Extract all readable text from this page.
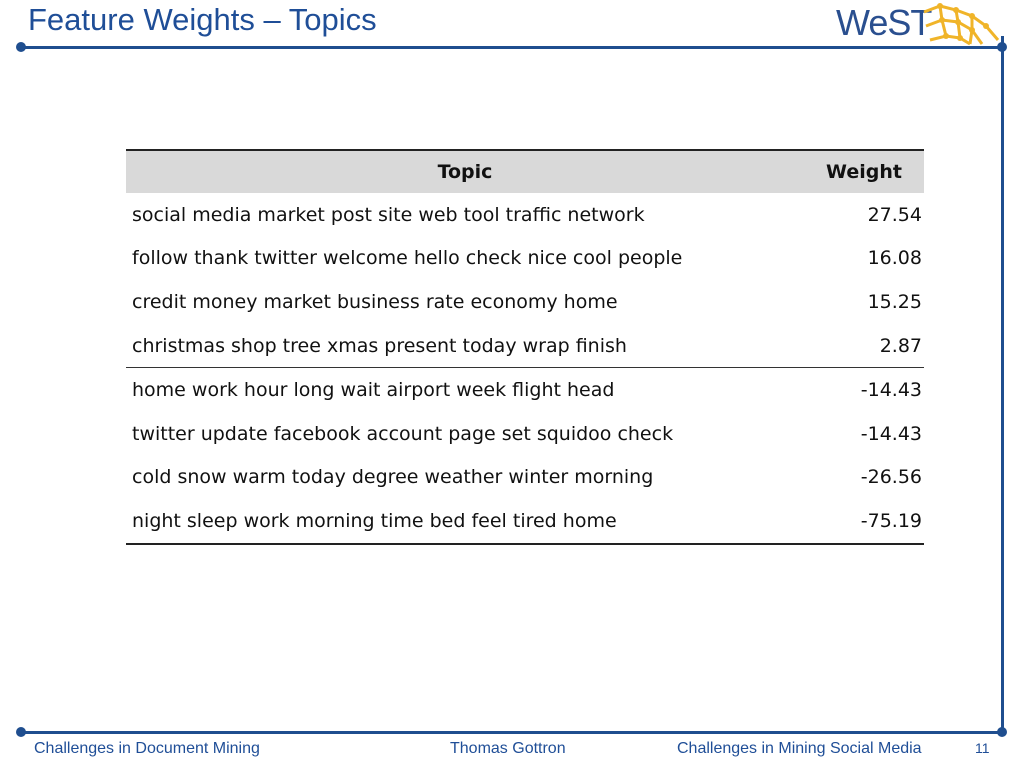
Feature Weights – Topics	WeST
Topic	Weight
social media market post site web tool traffic network	27.54
follow thank twitter welcome hello check nice cool people	16.08
credit money market business rate economy home	15.25
christmas shop tree xmas present today wrap finish	2.87
home work hour long wait airport week flight head	-14.43
twitter update facebook account page set squidoo check	-14.43
cold snow warm today degree weather winter morning	-26.56
night sleep work morning time bed feel tired home	-75.19
Challenges in Document Mining	Thomas Gottron	Challenges in Mining Social Media	11
